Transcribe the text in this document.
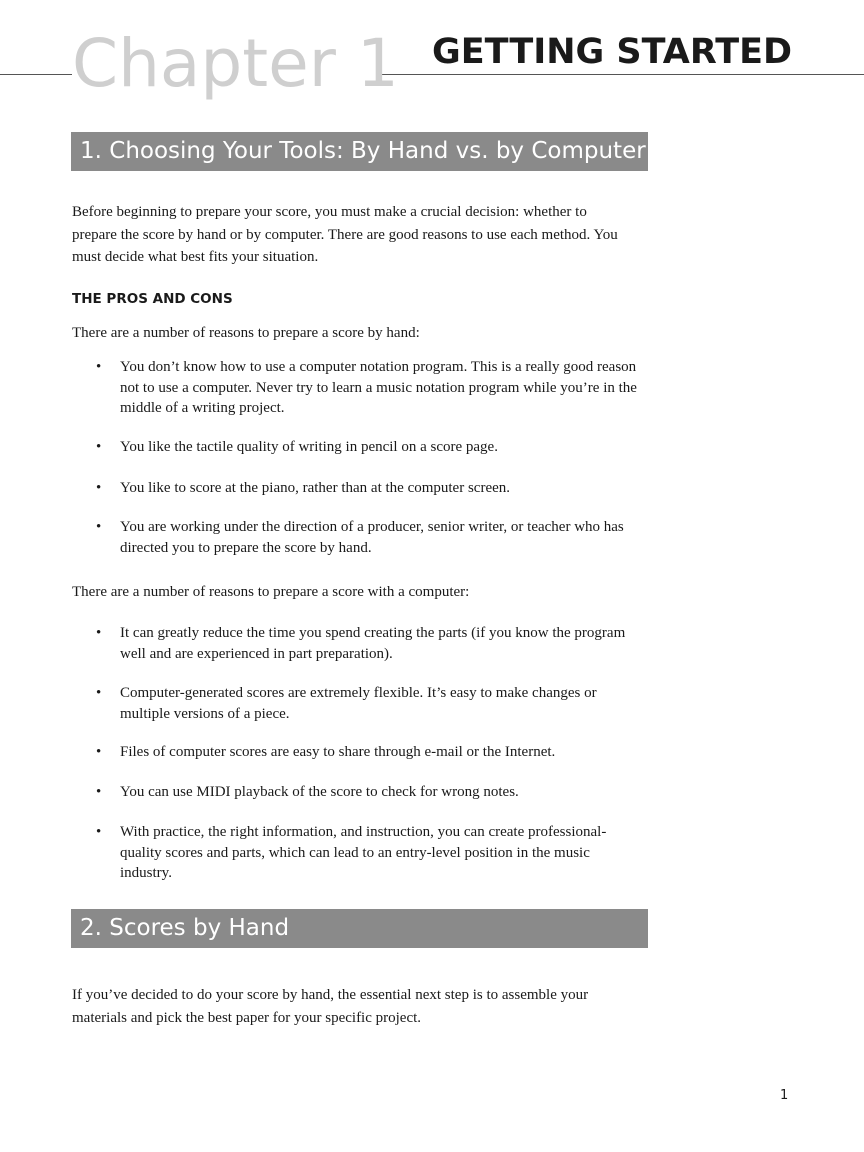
Chapter 1 GETTING STARTED
1. Choosing Your Tools: By Hand vs. by Computer

Before beginning to prepare your score, you must make a crucial decision: whether to prepare the score by hand or by computer. There are good reasons to use each method. You must decide what best fits your situation.

THE PROS AND CONS

There are a number of reasons to prepare a score by hand:

• You don’t know how to use a computer notation program. This is a really good reason not to use a computer. Never try to learn a music notation program while you’re in the middle of a writing project.
• You like the tactile quality of writing in pencil on a score page.
• You like to score at the piano, rather than at the computer screen.
• You are working under the direction of a producer, senior writer, or teacher who has directed you to prepare the score by hand.

There are a number of reasons to prepare a score with a computer:

• It can greatly reduce the time you spend creating the parts (if you know the program well and are experienced in part preparation).
• Computer-generated scores are extremely flexible. It’s easy to make changes or multiple versions of a piece.
• Files of computer scores are easy to share through e-mail or the Internet.
• You can use MIDI playback of the score to check for wrong notes.
• With practice, the right information, and instruction, you can create professional-quality scores and parts, which can lead to an entry-level position in the music industry.
2. Scores by Hand

If you’ve decided to do your score by hand, the essential next step is to assemble your materials and pick the best paper for your specific project.

1
